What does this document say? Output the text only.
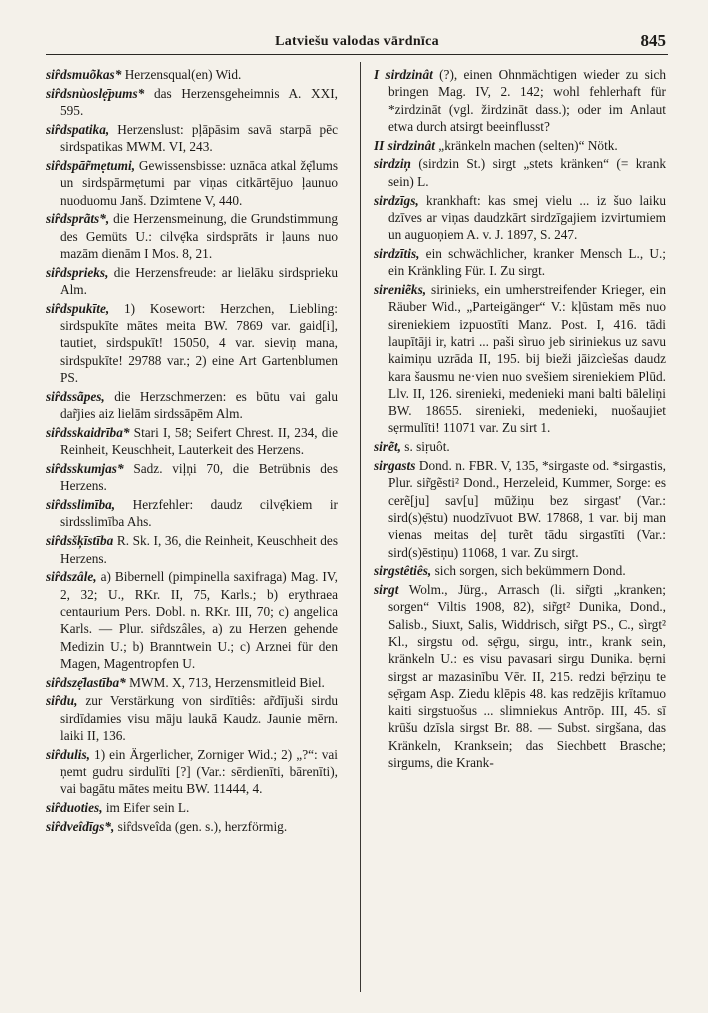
Latviešu valodas vārdnīca	845

sir̂dsmuõkas* Herzensqual(en) Wid.

sir̂dsnùoslẹ̄pums* das Herzensgeheimnis A. XXI, 595.

sir̂dspatika, Herzenslust: pļāpāsim savā starpā pēc sirdspatikas MWM. VI, 243.

sir̂dspār̃mẹtumi, Gewissensbisse: uznāca atkal žẹ̄lums un sirdspārmẹtumi par viņas citkārtējuo ļaunuo nuoduomu Janš. Dzimtene V, 440.

sir̂dsprãts*, die Herzensmeinung, die Grundstimmung des Gemüts U.: cilvẹ̄ka sirdsprāts ir ļauns nuo mazām dienām I Mos. 8, 21.

sir̂dsprieks, die Herzensfreude: ar lielāku sirdsprieku Alm.

sir̂dspukīte, 1) Kosewort: Herzchen, Liebling: sirdspukīte mātes meita BW. 7869 var. gaid[i], tautiet, sirdspukīt! 15050, 4 var. sieviņ mana, sirdspukīte! 29788 var.; 2) eine Art Gartenblumen PS.

sir̂dssãpes, die Herzschmerzen: es būtu vai galu dar̃jies aiz lielām sirdssāpēm Alm.

sir̂dsskaidrība* Stari I, 58; Seifert Chrest. II, 234, die Reinheit, Keuschheit, Lauterkeit des Herzens.

sir̂dsskumjas* Sadz. viļņi 70, die Betrübnis des Herzens.

sir̂dsslimība, Herzfehler: daudz cilvẹ̄kiem ir sirdsslimība Ahs.

sir̂dsšķīstība R. Sk. I, 36, die Reinheit, Keuschheit des Herzens.

sir̂dszâle, a) Bibernell (pimpinella saxifraga) Mag. IV, 2, 32; U., RKr. II, 75, Karls.; b) erythraea centaurium Pers. Dobl. n. RKr. III, 70; c) angelica Karls. — Plur. sir̂dszâles, a) zu Herzen gehende Medizin U.; b) Branntwein U.; c) Arznei für den Magen, Magentropfen U.

sir̂dszẹ̄lastība* MWM. X, 713, Herzensmitleid Biel.

sir̂du, zur Verstärkung von sirdītiês: ar̃dījuši sirdu sirdīdamies visu māju laukā Kaudz. Jaunie mērn. laiki II, 136.

sir̂dulis, 1) ein Ärgerlicher, Zorniger Wid.; 2) „?“: vai ņemt gudru sirdulīti [?] (Var.: sērdienīti, bārenīti), vai bagātu mātes meitu BW. 11444, 4.

sir̂duoties, im Eifer sein L.

sir̂dveîdīgs*, sir̂dsveîda (gen. s.), herzförmig.

I sirdzinât (?), einen Ohnmächtigen wieder zu sich bringen Mag. IV, 2. 142; wohl fehlerhaft für *zirdzināt (vgl. žirdzināt dass.); oder im Anlaut etwa durch atsirgt beeinflusst?

II sirdzinât „kränkeln machen (selten)“ Nötk.

sirdziņ (sirdzin St.) sirgt „stets kränken“ (= krank sein) L.

sirdzīgs, krankhaft: kas smej vielu ... iz šuo laiku dzīves ar viņas daudzkārt sirdzīgajiem izvirtumiem un auguoņiem A. v. J. 1897, S. 247.

sirdzītis, ein schwächlicher, kranker Mensch L., U.; ein Kränkling Für. I. Zu sirgt.

sireniẽks, sirinieks, ein umherstreifender Krieger, ein Räuber Wid., „Parteigänger“ V.: kļūstam mēs nuo sireniekiem izpuostīti Manz. Post. I, 416. tādi laupītāji ir, katri ... paši sìruo jeb siriniekus uz savu kaimiņu uzrāda II, 195. bij bieži jāizcìešas daudz kara šausmu ne·vien nuo svešiem sireniekiem Plūd. Llv. II, 126. sirenieki, medenieki mani balti bāleliņi BW. 18655. sirenieki, medenieki, nuošaujiet sẹrmulīti! 11071 var. Zu sirt 1.

sirẽt, s. siṛuôt.

sirgasts Dond. n. FBR. V, 135, *sirgaste od. *sirgastis, Plur. sir̃gẽsti² Dond., Herzeleid, Kummer, Sorge: es cerẽ[ju] sav[u] mūžiņu bez sirgast' (Var.: sird(s)ẹ̄stu) nuodzīvuot BW. 17868, 1 var. bij man vienas meitas deļ turẽt tādu sirgastīti (Var.: sird(s)ēstiņu) 11068, 1 var. Zu sirgt.

sirgstêtiês, sich sorgen, sich bekümmern Dond.

sirgt Wolm., Jürg., Arrasch (li. sir̃gti „kranken; sorgen“ Viltis 1908, 82), sir̃gt² Dunika, Dond., Salisb., Siuxt, Salis, Widdrisch, sir̃gt PS., C., sìrgt² Kl., sirgstu od. sẹ̄rgu, sirgu, intr., krank sein, kränkeln U.: es visu pavasari sirgu Dunika. bẹrni sirgst ar mazasinību Vēr. II, 215. redzi bẹ̄rziņu te sẹ̄rgam Asp. Ziedu klēpis 48. kas redzējis krītamuo kaiti sirgstuošus ... slimniekus Antrōp. III, 45. sī krūšu dzīsla sirgst Br. 88. — Subst. sirgšana, das Kränkeln, Kranksein; das Siechbett Brasche; sirgums, die Krank-
